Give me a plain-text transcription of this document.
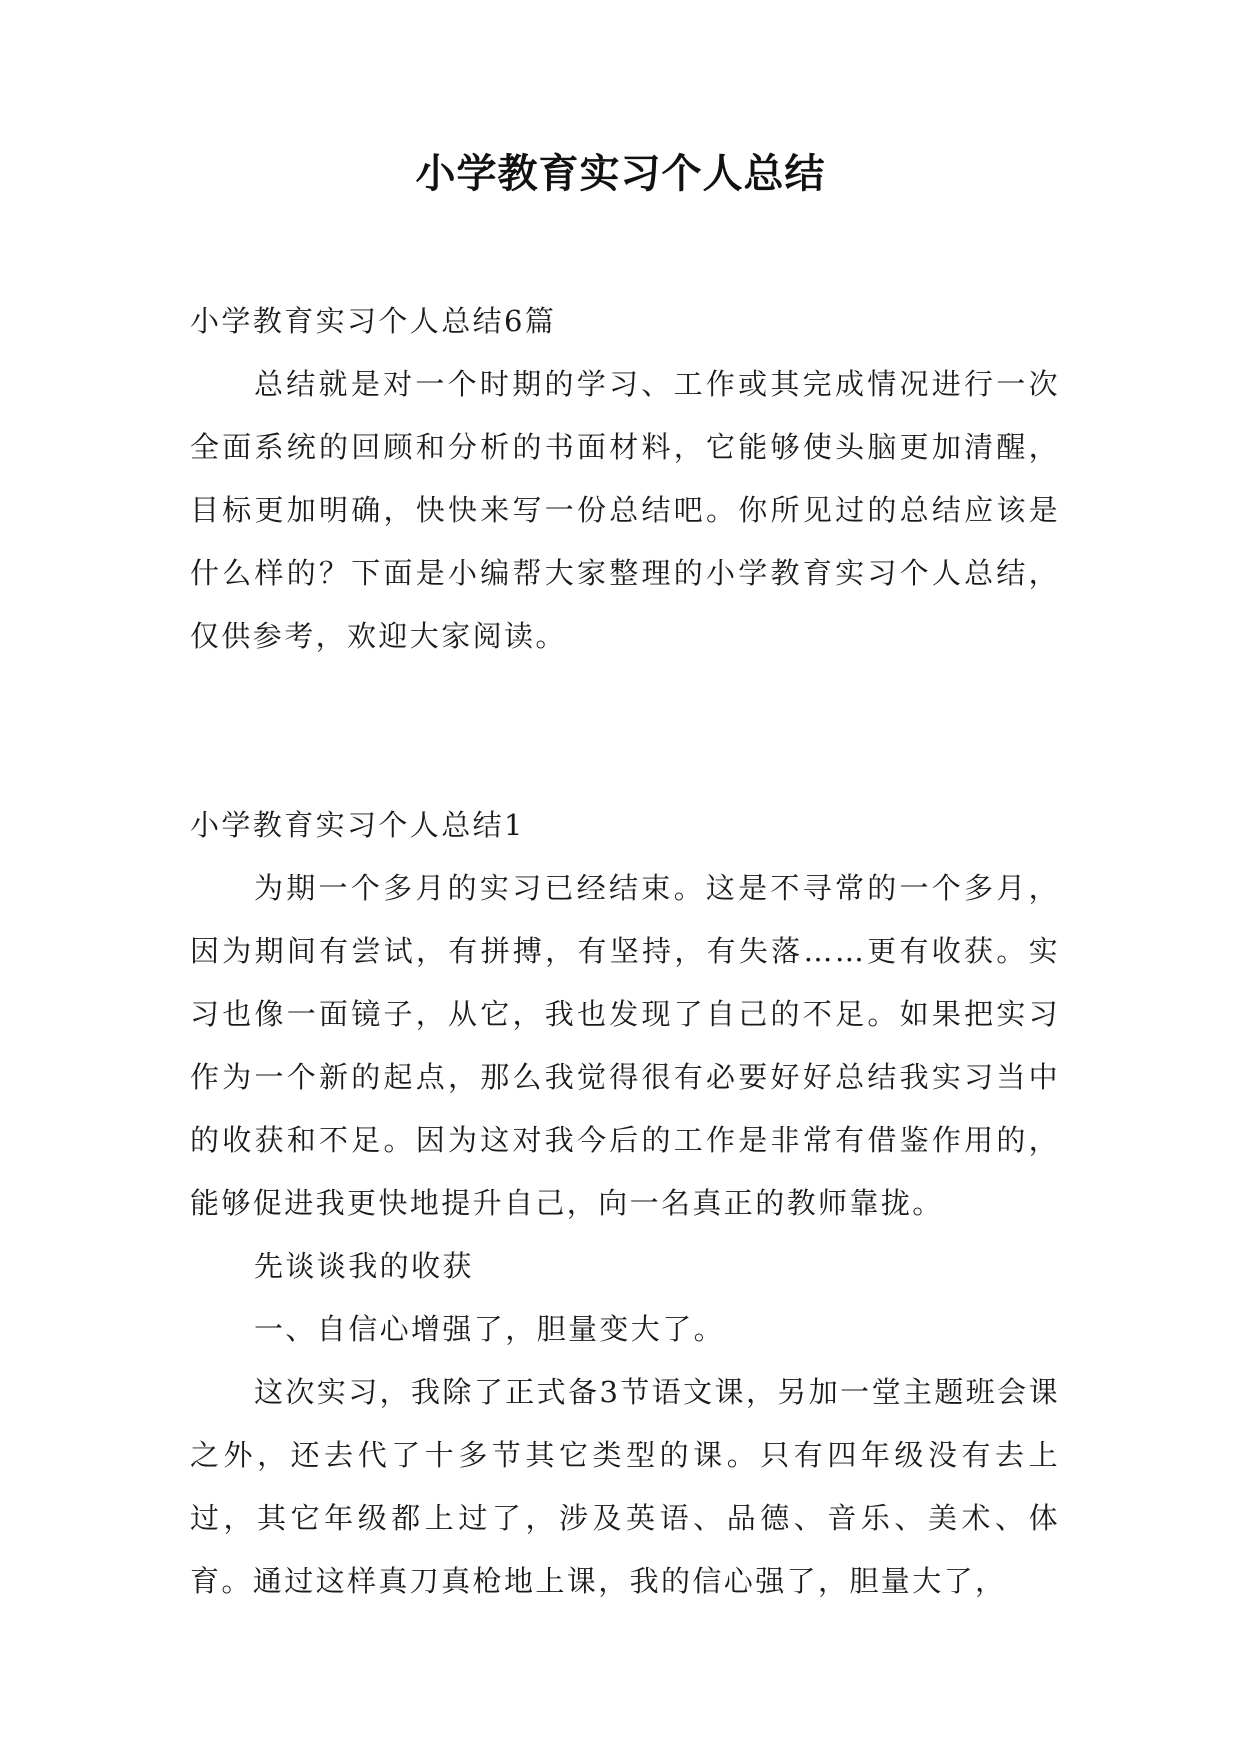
小学教育实习个人总结

小学教育实习个人总结6篇

总结就是对一个时期的学习、工作或其完成情况进行一次全面系统的回顾和分析的书面材料，它能够使头脑更加清醒，目标更加明确，快快来写一份总结吧。你所见过的总结应该是什么样的？下面是小编帮大家整理的小学教育实习个人总结，仅供参考，欢迎大家阅读。

小学教育实习个人总结1

为期一个多月的实习已经结束。这是不寻常的一个多月，因为期间有尝试，有拼搏，有坚持，有失落……更有收获。实习也像一面镜子，从它，我也发现了自己的不足。如果把实习作为一个新的起点，那么我觉得很有必要好好总结我实习当中的收获和不足。因为这对我今后的工作是非常有借鉴作用的，能够促进我更快地提升自己，向一名真正的教师靠拢。

先谈谈我的收获

一、自信心增强了，胆量变大了。

这次实习，我除了正式备3节语文课，另加一堂主题班会课之外，还去代了十多节其它类型的课。只有四年级没有去上过，其它年级都上过了，涉及英语、品德、音乐、美术、体育。通过这样真刀真枪地上课，我的信心强了，胆量大了，
